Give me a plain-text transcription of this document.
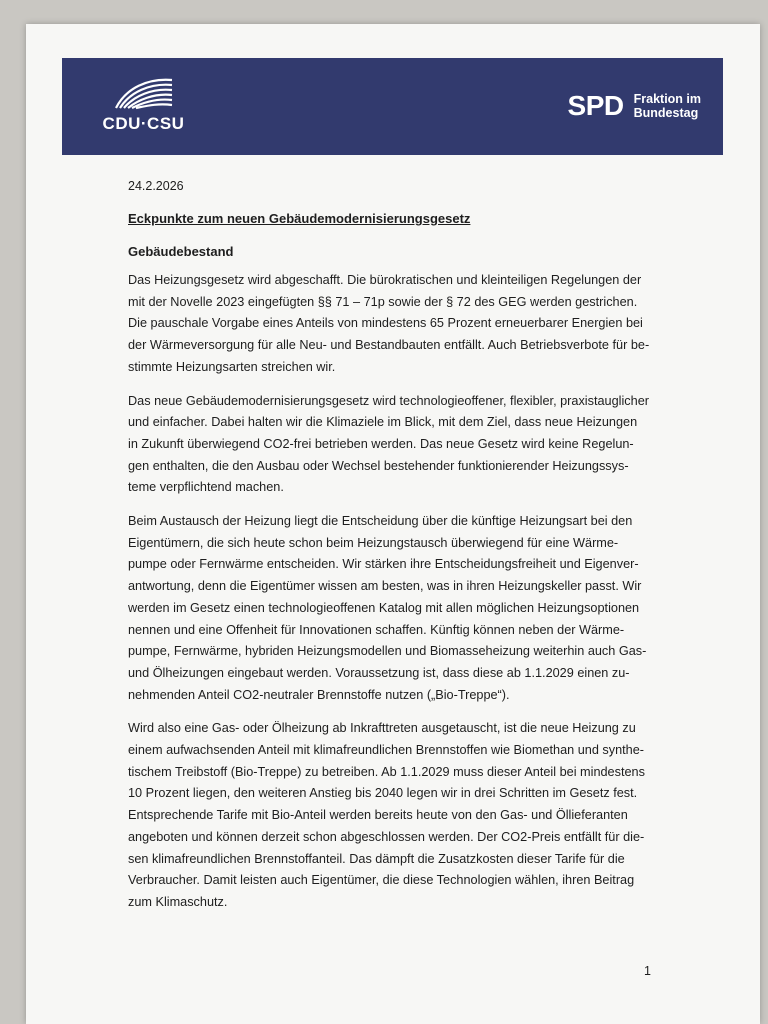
CDU·CSU
SPD Fraktion im
Bundestag
24.2.2026
Eckpunkte zum neuen Gebäudemodernisierungsgesetz
Gebäudebestand
Das Heizungsgesetz wird abgeschafft. Die bürokratischen und kleinteiligen Regelungen der
mit der Novelle 2023 eingefügten §§ 71 – 71p sowie der § 72 des GEG werden gestrichen.
Die pauschale Vorgabe eines Anteils von mindestens 65 Prozent erneuerbarer Energien bei
der Wärmeversorgung für alle Neu- und Bestandbauten entfällt. Auch Betriebsverbote für be-
stimmte Heizungsarten streichen wir.
Das neue Gebäudemodernisierungsgesetz wird technologieoffener, flexibler, praxistauglicher
und einfacher. Dabei halten wir die Klimaziele im Blick, mit dem Ziel, dass neue Heizungen
in Zukunft überwiegend CO2-frei betrieben werden. Das neue Gesetz wird keine Regelun-
gen enthalten, die den Ausbau oder Wechsel bestehender funktionierender Heizungssys-
teme verpflichtend machen.
Beim Austausch der Heizung liegt die Entscheidung über die künftige Heizungsart bei den
Eigentümern, die sich heute schon beim Heizungstausch überwiegend für eine Wärme-
pumpe oder Fernwärme entscheiden. Wir stärken ihre Entscheidungsfreiheit und Eigenver-
antwortung, denn die Eigentümer wissen am besten, was in ihren Heizungskeller passt. Wir
werden im Gesetz einen technologieoffenen Katalog mit allen möglichen Heizungsoptionen
nennen und eine Offenheit für Innovationen schaffen. Künftig können neben der Wärme-
pumpe, Fernwärme, hybriden Heizungsmodellen und Biomasseheizung weiterhin auch Gas-
und Ölheizungen eingebaut werden. Voraussetzung ist, dass diese ab 1.1.2029 einen zu-
nehmenden Anteil CO2-neutraler Brennstoffe nutzen („Bio-Treppe“).
Wird also eine Gas- oder Ölheizung ab Inkrafttreten ausgetauscht, ist die neue Heizung zu
einem aufwachsenden Anteil mit klimafreundlichen Brennstoffen wie Biomethan und synthe-
tischem Treibstoff (Bio-Treppe) zu betreiben. Ab 1.1.2029 muss dieser Anteil bei mindestens
10 Prozent liegen, den weiteren Anstieg bis 2040 legen wir in drei Schritten im Gesetz fest.
Entsprechende Tarife mit Bio-Anteil werden bereits heute von den Gas- und Öllieferanten
angeboten und können derzeit schon abgeschlossen werden. Der CO2-Preis entfällt für die-
sen klimafreundlichen Brennstoffanteil. Das dämpft die Zusatzkosten dieser Tarife für die
Verbraucher. Damit leisten auch Eigentümer, die diese Technologien wählen, ihren Beitrag
zum Klimaschutz.
1
